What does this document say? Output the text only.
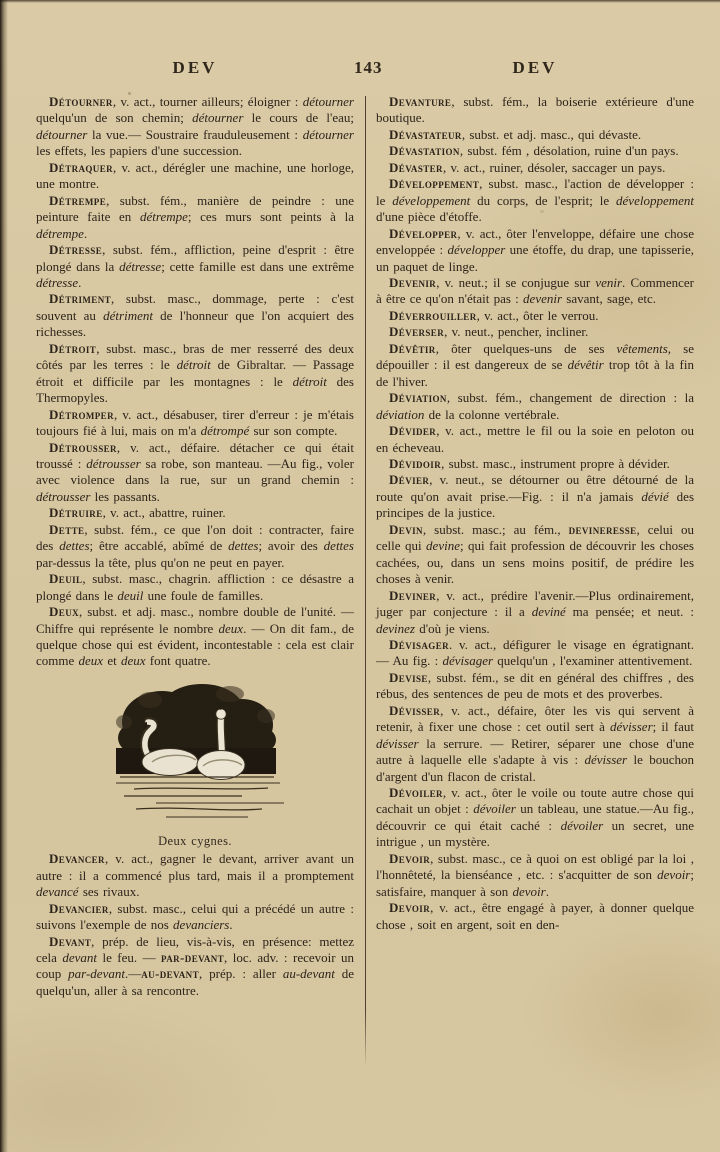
DEV	143	DEV

Détourner, v. act., tourner ailleurs; éloigner : détourner quelqu'un de son chemin; détourner le cours de l'eau; détourner la vue.— Soustraire frauduleusement : détourner les effets, les papiers d'une succession.

Détraquer, v. act., dérégler une machine, une horloge, une montre.

Détrempe, subst. fém., manière de peindre : une peinture faite en détrempe; ces murs sont peints à la détrempe.

Détresse, subst. fém., affliction, peine d'esprit : être plongé dans la détresse; cette famille est dans une extrême détresse.

Détriment, subst. masc., dommage, perte : c'est souvent au détriment de l'honneur que l'on acquiert des richesses.

Détroit, subst. masc., bras de mer resserré des deux côtés par les terres : le détroit de Gibraltar. — Passage étroit et difficile par les montagnes : le détroit des Thermopyles.

Détromper, v. act., désabuser, tirer d'erreur : je m'étais toujours fié à lui, mais on m'a détrompé sur son compte.

Détrousser, v. act., défaire. détacher ce qui était troussé : détrousser sa robe, son manteau. —Au fig., voler avec violence dans la rue, sur un grand chemin : détrousser les passants.

Détruire, v. act., abattre, ruiner.

Dette, subst. fém., ce que l'on doit : contracter, faire des dettes; être accablé, abîmé de dettes; avoir des dettes par-dessus la tête, plus qu'on ne peut en payer.

Deuil, subst. masc., chagrin. affliction : ce désastre a plongé dans le deuil une foule de familles.

Deux, subst. et adj. masc., nombre double de l'unité. — Chiffre qui représente le nombre deux. — On dit fam., de quelque chose qui est évident, incontestable : cela est clair comme deux et deux font quatre.

Deux cygnes.

Devancer, v. act., gagner le devant, arriver avant un autre : il a commencé plus tard, mais il a promptement devancé ses rivaux.

Devancier, subst. masc., celui qui a précédé un autre : suivons l'exemple de nos devanciers.

Devant, prép. de lieu, vis-à-vis, en présence: mettez cela devant le feu. — par-devant, loc. adv. : recevoir un coup par-devant.—au-devant, prép. : aller au-devant de quelqu'un, aller à sa rencontre.

Devanture, subst. fém., la boiserie extérieure d'une boutique.

Dévastateur, subst. et adj. masc., qui dévaste.

Dévastation, subst. fém , désolation, ruine d'un pays.

Dévaster, v. act., ruiner, désoler, saccager un pays.

Développement, subst. masc., l'action de développer : le développement du corps, de l'esprit; le développement d'une pièce d'étoffe.

Développer, v. act., ôter l'enveloppe, défaire une chose enveloppée : développer une étoffe, du drap, une tapisserie, un paquet de linge.

Devenir, v. neut.; il se conjugue sur venir. Commencer à être ce qu'on n'était pas : devenir savant, sage, etc.

Déverrouiller, v. act., ôter le verrou.

Déverser, v. neut., pencher, incliner.

Dévêtir, ôter quelques-uns de ses vêtements, se dépouiller : il est dangereux de se dévêtir trop tôt à la fin de l'hiver.

Déviation, subst. fém., changement de direction : la déviation de la colonne vertébrale.

Dévider, v. act., mettre le fil ou la soie en peloton ou en écheveau.

Dévidoir, subst. masc., instrument propre à dévider.

Dévier, v. neut., se détourner ou être détourné de la route qu'on avait prise.—Fig. : il n'a jamais dévié des principes de la justice.

Devin, subst. masc.; au fém., devineresse, celui ou celle qui devine; qui fait profession de découvrir les choses cachées, ou, dans un sens moins positif, de prédire les choses à venir.

Deviner, v. act., prédire l'avenir.—Plus ordinairement, juger par conjecture : il a deviné ma pensée; et neut. : devinez d'où je viens.

Dévisager. v. act., défigurer le visage en égratignant. — Au fig. : dévisager quelqu'un , l'examiner attentivement.

Devise, subst. fém., se dit en général des chiffres , des rébus, des sentences de peu de mots et des proverbes.

Dévisser, v. act., défaire, ôter les vis qui servent à retenir, à fixer une chose : cet outil sert à dévisser; il faut dévisser la serrure. — Retirer, séparer une chose d'une autre à laquelle elle s'adapte à vis : dévisser le bouchon d'argent d'un flacon de cristal.

Dévoiler, v. act., ôter le voile ou toute autre chose qui cachait un objet : dévoiler un tableau, une statue.—Au fig., découvrir ce qui était caché : dévoiler un secret, une intrigue , un mystère.

Devoir, subst. masc., ce à quoi on est obligé par la loi , l'honnêteté, la bienséance , etc. : s'acquitter de son devoir; satisfaire, manquer à son devoir.

Devoir, v. act., être engagé à payer, à donner quelque chose , soit en argent, soit en den-
